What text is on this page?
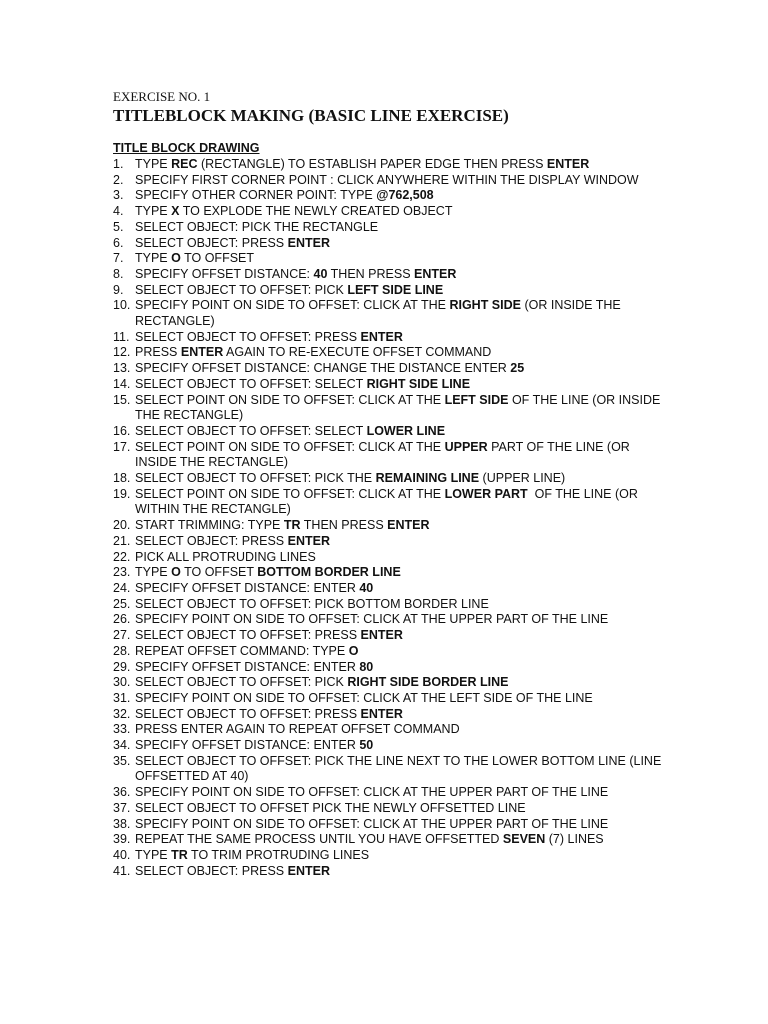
EXERCISE NO. 1
TITLEBLOCK MAKING (BASIC LINE EXERCISE)
TITLE BLOCK DRAWING
1. TYPE REC (RECTANGLE) TO ESTABLISH PAPER EDGE THEN PRESS ENTER
2. SPECIFY FIRST CORNER POINT : CLICK ANYWHERE WITHIN THE DISPLAY WINDOW
3. SPECIFY OTHER CORNER POINT: TYPE @762,508
4. TYPE X TO EXPLODE THE NEWLY CREATED OBJECT
5. SELECT OBJECT: PICK THE RECTANGLE
6. SELECT OBJECT: PRESS ENTER
7. TYPE O TO OFFSET
8. SPECIFY OFFSET DISTANCE: 40 THEN PRESS ENTER
9. SELECT OBJECT TO OFFSET: PICK LEFT SIDE LINE
10. SPECIFY POINT ON SIDE TO OFFSET: CLICK AT THE RIGHT SIDE (OR INSIDE THE RECTANGLE)
11. SELECT OBJECT TO OFFSET: PRESS ENTER
12. PRESS ENTER AGAIN TO RE-EXECUTE OFFSET COMMAND
13. SPECIFY OFFSET DISTANCE: CHANGE THE DISTANCE ENTER 25
14. SELECT OBJECT TO OFFSET: SELECT RIGHT SIDE LINE
15. SELECT POINT ON SIDE TO OFFSET: CLICK AT THE LEFT SIDE OF THE LINE (OR INSIDE THE RECTANGLE)
16. SELECT OBJECT TO OFFSET: SELECT LOWER LINE
17. SELECT POINT ON SIDE TO OFFSET: CLICK AT THE UPPER PART OF THE LINE (OR INSIDE THE RECTANGLE)
18. SELECT OBJECT TO OFFSET: PICK THE REMAINING LINE (UPPER LINE)
19. SELECT POINT ON SIDE TO OFFSET: CLICK AT THE LOWER PART  OF THE LINE (OR WITHIN THE RECTANGLE)
20. START TRIMMING: TYPE TR THEN PRESS ENTER
21. SELECT OBJECT: PRESS ENTER
22. PICK ALL PROTRUDING LINES
23. TYPE O TO OFFSET BOTTOM BORDER LINE
24. SPECIFY OFFSET DISTANCE: ENTER 40
25. SELECT OBJECT TO OFFSET: PICK BOTTOM BORDER LINE
26. SPECIFY POINT ON SIDE TO OFFSET: CLICK AT THE UPPER PART OF THE LINE
27. SELECT OBJECT TO OFFSET: PRESS ENTER
28. REPEAT OFFSET COMMAND: TYPE O
29. SPECIFY OFFSET DISTANCE: ENTER 80
30. SELECT OBJECT TO OFFSET: PICK RIGHT SIDE BORDER LINE
31. SPECIFY POINT ON SIDE TO OFFSET: CLICK AT THE LEFT SIDE OF THE LINE
32. SELECT OBJECT TO OFFSET: PRESS ENTER
33. PRESS ENTER AGAIN TO REPEAT OFFSET COMMAND
34. SPECIFY OFFSET DISTANCE: ENTER 50
35. SELECT OBJECT TO OFFSET: PICK THE LINE NEXT TO THE LOWER BOTTOM LINE (LINE OFFSETTED AT 40)
36. SPECIFY POINT ON SIDE TO OFFSET: CLICK AT THE UPPER PART OF THE LINE
37. SELECT OBJECT TO OFFSET PICK THE NEWLY OFFSETTED LINE
38. SPECIFY POINT ON SIDE TO OFFSET: CLICK AT THE UPPER PART OF THE LINE
39. REPEAT THE SAME PROCESS UNTIL YOU HAVE OFFSETTED SEVEN (7) LINES
40. TYPE TR TO TRIM PROTRUDING LINES
41. SELECT OBJECT: PRESS ENTER
